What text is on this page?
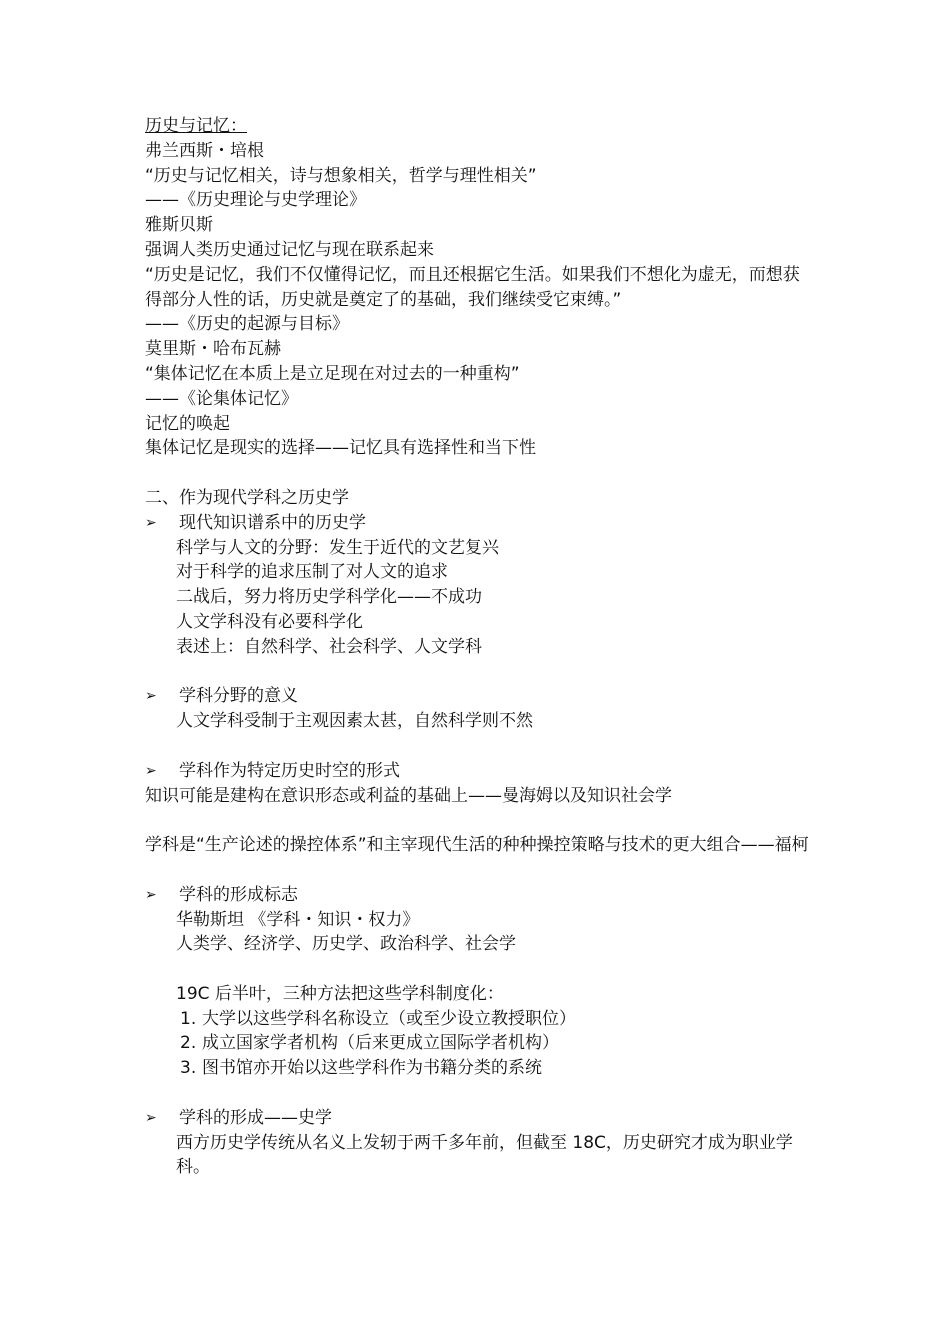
历史与记忆：
弗兰西斯・培根
“历史与记忆相关，诗与想象相关，哲学与理性相关”
——《历史理论与史学理论》
雅斯贝斯
强调人类历史通过记忆与现在联系起来
“历史是记忆，我们不仅懂得记忆，而且还根据它生活。如果我们不想化为虚无，而想获得部分人性的话，历史就是奠定了的基础，我们继续受它束缚。”
——《历史的起源与目标》
莫里斯・哈布瓦赫
“集体记忆在本质上是立足现在对过去的一种重构”
——《论集体记忆》
记忆的唤起
集体记忆是现实的选择——记忆具有选择性和当下性
二、作为现代学科之历史学
➢	现代知识谱系中的历史学
科学与人文的分野：发生于近代的文艺复兴
对于科学的追求压制了对人文的追求
二战后，努力将历史学科学化——不成功
人文学科没有必要科学化
表述上：自然科学、社会科学、人文学科
➢	学科分野的意义
人文学科受制于主观因素太甚，自然科学则不然
➢	学科作为特定历史时空的形式
知识可能是建构在意识形态或利益的基础上——曼海姆以及知识社会学
学科是“生产论述的操控体系”和主宰现代生活的种种操控策略与技术的更大组合——福柯
➢	学科的形成标志
华勒斯坦 《学科・知识・权力》
人类学、经济学、历史学、政治科学、社会学
19C 后半叶，三种方法把这些学科制度化：
1. 大学以这些学科名称设立（或至少设立教授职位）
2. 成立国家学者机构（后来更成立国际学者机构）
3. 图书馆亦开始以这些学科作为书籍分类的系统
➢	学科的形成——史学
西方历史学传统从名义上发轫于两千多年前，但截至 18C，历史研究才成为职业学科。
